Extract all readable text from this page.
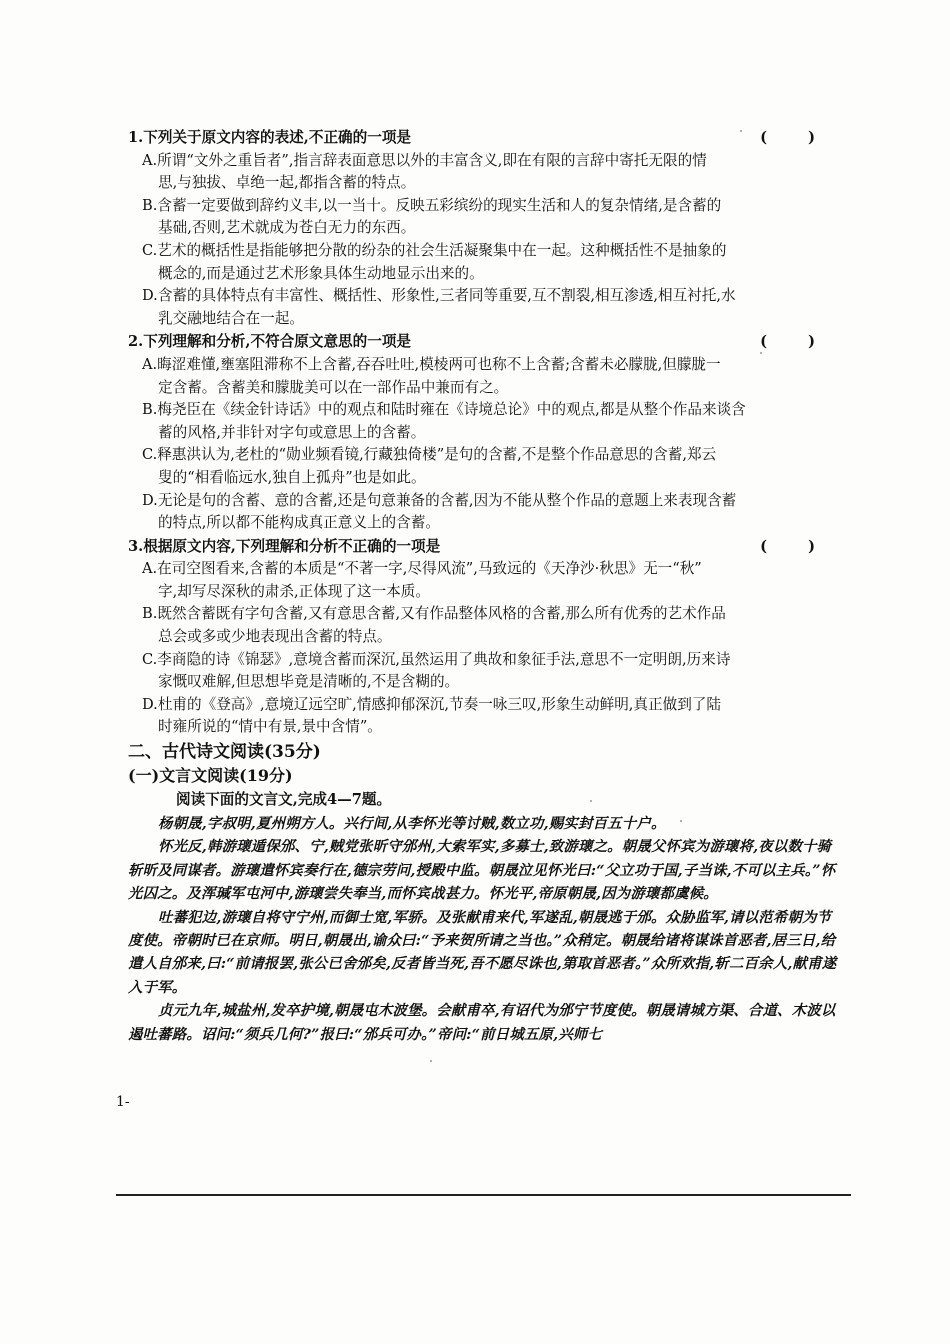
1.下列关于原文内容的表述,不正确的一项是	( )
A.所谓“文外之重旨者”,指言辞表面意思以外的丰富含义,即在有限的言辞中寄托无限的情
思,与独拔、卓绝一起,都指含蓄的特点。
B.含蓄一定要做到辞约义丰,以一当十。反映五彩缤纷的现实生活和人的复杂情绪,是含蓄的
基础,否则,艺术就成为苍白无力的东西。
C.艺术的概括性是指能够把分散的纷杂的社会生活凝聚集中在一起。这种概括性不是抽象的
概念的,而是通过艺术形象具体生动地显示出来的。
D.含蓄的具体特点有丰富性、概括性、形象性,三者同等重要,互不割裂,相互渗透,相互衬托,水
乳交融地结合在一起。
2.下列理解和分析,不符合原文意思的一项是	( )
A.晦涩难懂,壅塞阻滞称不上含蓄,吞吞吐吐,模棱两可也称不上含蓄;含蓄未必朦胧,但朦胧一
定含蓄。含蓄美和朦胧美可以在一部作品中兼而有之。
B.梅尧臣在《续金针诗话》中的观点和陆时雍在《诗境总论》中的观点,都是从整个作品来谈含
蓄的风格,并非针对字句或意思上的含蓄。
C.释惠洪认为,老杜的“勋业频看镜,行藏独倚楼”是句的含蓄,不是整个作品意思的含蓄,郑云
叟的“相看临远水,独自上孤舟”也是如此。
D.无论是句的含蓄、意的含蓄,还是句意兼备的含蓄,因为不能从整个作品的意题上来表现含蓄
的特点,所以都不能构成真正意义上的含蓄。
3.根据原文内容,下列理解和分析不正确的一项是	( )
A.在司空图看来,含蓄的本质是“不著一字,尽得风流”,马致远的《天净沙·秋思》无一“秋”
字,却写尽深秋的肃杀,正体现了这一本质。
B.既然含蓄既有字句含蓄,又有意思含蓄,又有作品整体风格的含蓄,那么所有优秀的艺术作品
总会或多或少地表现出含蓄的特点。
C.李商隐的诗《锦瑟》,意境含蓄而深沉,虽然运用了典故和象征手法,意思不一定明朗,历来诗
家慨叹难解,但思想毕竟是清晰的,不是含糊的。
D.杜甫的《登高》,意境辽远空旷,情感抑郁深沉,节奏一咏三叹,形象生动鲜明,真正做到了陆
时雍所说的“情中有景,景中含情”。
二、古代诗文阅读(35分)
(一)文言文阅读(19分)
阅读下面的文言文,完成4—7题。

杨朝晟,字叔明,夏州朔方人。兴行间,从李怀光等讨贼,数立功,赐实封百五十户。

怀光反,韩游瓌遁保邠、宁,贼党张昕守邠州,大索军实,多募士,致游瓌之。朝晟父怀宾为游瓌将,夜以数十骑斩昕及同谋者。游瓌遣怀宾奏行在,德宗劳问,授殿中监。朝晟泣见怀光曰:“父立功于国,子当诛,不可以主兵。”怀光囚之。及浑瑊军屯河中,游瓌尝失奉当,而怀宾战甚力。怀光平,帝原朝晟,因为游瓌都虞候。

吐蕃犯边,游瓌自将守宁州,而御士宽,军骄。及张献甫来代,军遂乱,朝晟逃于邠。众胁监军,请以范希朝为节度使。帝朝时已在京师。明日,朝晟出,谕众曰:“予来贺所请之当也。”众稍定。朝晟给诸将谋诛首恶者,居三日,给遣人自邠来,曰:“前请报罢,张公已舍邠矣,反者皆当死,吾不愿尽诛也,第取首恶者。”众所欢指,斩二百余人,献甫遂入于军。

贞元九年,城盐州,发卒护境,朝晟屯木波堡。会献甫卒,有诏代为邠宁节度使。朝晟请城方渠、合道、木波以遏吐蕃路。诏问:“须兵几何?”报曰:“邠兵可办。”帝问:“前日城五原,兴师七

1-
